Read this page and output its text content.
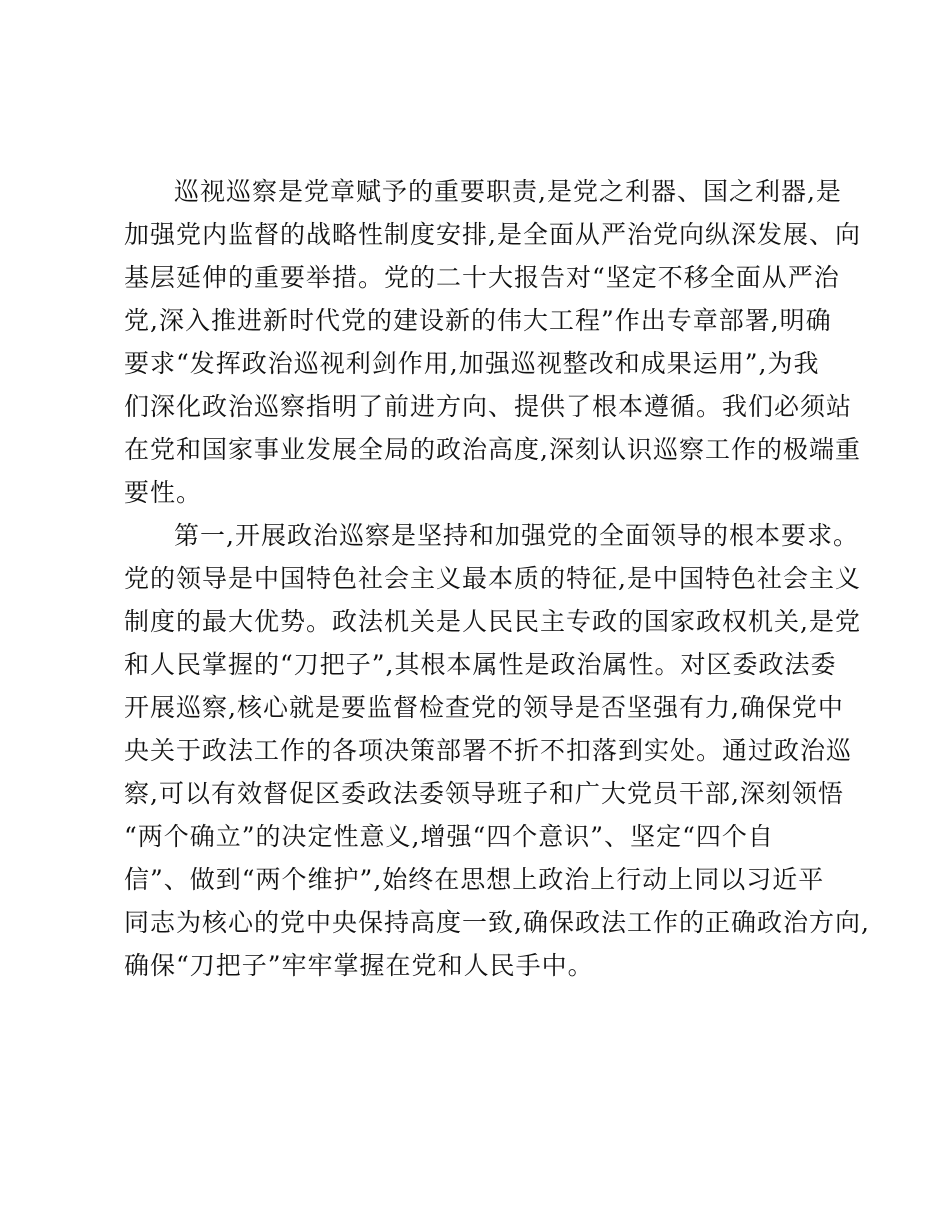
巡视巡察是党章赋予的重要职责,是党之利器、国之利器,是
加强党内监督的战略性制度安排,是全面从严治党向纵深发展、向
基层延伸的重要举措。党的二十大报告对“坚定不移全面从严治
党,深入推进新时代党的建设新的伟大工程”作出专章部署,明确
要求“发挥政治巡视利剑作用,加强巡视整改和成果运用”,为我
们深化政治巡察指明了前进方向、提供了根本遵循。我们必须站
在党和国家事业发展全局的政治高度,深刻认识巡察工作的极端重
要性。
第一,开展政治巡察是坚持和加强党的全面领导的根本要求。
党的领导是中国特色社会主义最本质的特征,是中国特色社会主义
制度的最大优势。政法机关是人民民主专政的国家政权机关,是党
和人民掌握的“刀把子”,其根本属性是政治属性。对区委政法委
开展巡察,核心就是要监督检查党的领导是否坚强有力,确保党中
央关于政法工作的各项决策部署不折不扣落到实处。通过政治巡
察,可以有效督促区委政法委领导班子和广大党员干部,深刻领悟
“两个确立”的决定性意义,增强“四个意识”、坚定“四个自
信”、做到“两个维护”,始终在思想上政治上行动上同以习近平
同志为核心的党中央保持高度一致,确保政法工作的正确政治方向,
确保“刀把子”牢牢掌握在党和人民手中。
